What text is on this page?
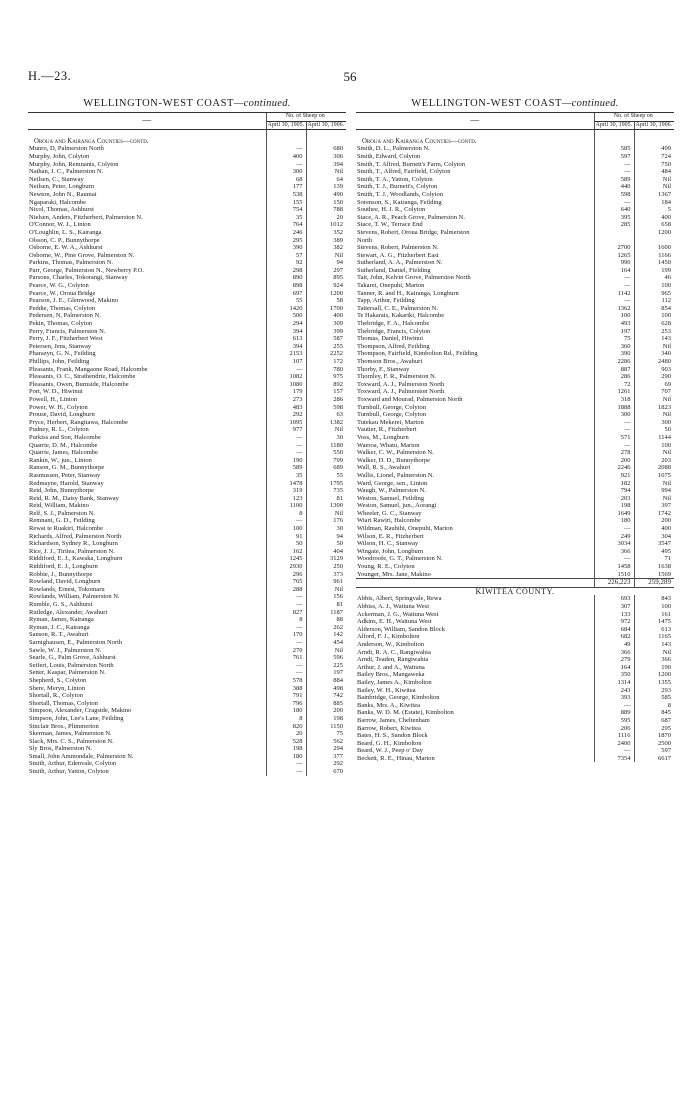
H.—23.	56
WELLINGTON-WEST COAST—continued.
—	No. of Sheep on	
	April 30, 1905.	April 30, 1906.

Oroua and Kairanga Counties—contd.		
Munro, D, Palmerston North	—	680
Murphy, John, Colyton	400	306
Murphy, John, Remnants, Colyton	—	394
Nathan, J. C., Palmerston N.	300	Nil
Neilsen, C., Stanway	68	64
Neilsen, Peter, Longburn	177	139
Newton, John N., Raumai	538	490
Ngaparaki, Halcombe	155	150
Nicol, Thomas, Ashhurst	754	788
Nielsen, Anders, Fitzherbert, Palmerston N.	35	20
O'Connor, W. J., Linton	764	1012
O'Loughlin, L. S., Kairanga	246	352
Olsson, C. P., Bunnythorpe	295	389
Osborne, E. W. A., Ashhurst	390	382
Osborne, W., Pine Grove, Palmerston N.	57	Nil
Parkins, Thomas, Palmerston N.	92	94
Parr, George, Palmerston N., Newberry P.O.	298	297
Parsons, Charles, Tokorangi, Stanway	890	895
Pearce, W. G., Colyton	898	924
Pearce, W., Oroua Bridge	697	1200
Pearson, J. E., Glenwood, Makino	55	58
Peddie, Thomas, Colyton	1420	1700
Pedersen, N, Palmerston N.	500	400
Pekin, Thomas, Colyton	294	309
Perry, Francis, Palmerston N.	394	399
Perry, J. F., Fitzherbert West	613	587
Petersen, Jens, Stanway	394	255
Pharazyn, G. N., Feilding	2153	2252
Phillips, John, Feilding	107	172
Pleasants, Frank, Mangaone Road, Halcombe	—	780
Pleasants, O. C., Strathendrie, Halcombe	1082	975
Pleasants, Owen, Burnside, Halcombe	1080	892
Port, W. D., Hiwinui	179	157
Powell, H., Linton	273	286
Power, W. H., Colyton	483	598
Prouse, David, Longburn	292	63
Pryce, Herbert, Rangitawa, Halcombe	1095	1382
Pudney, R. L., Colyton	977	Nil
Purkiss and Son, Halcombe	—	30
Quarrie, D. M., Halcombe	—	1180
Quarrie, James, Halcombe	—	550
Rankin, W., jun., Linton	190	799
Ranson, G. M., Bunnythorpe	589	689
Rasmussen, Peter, Stanway	35	55
Redmayne, Harold, Stanway	1478	1795
Reid, John, Bunnythorpe	319	735
Reid, R. M., Daisy Bank, Stanway	123	81
Reid, William, Makino	1100	1300
Relf, S. J., Palmerston N.	8	Nil
Remnant, G. D., Feilding	—	176
Rewai te Ruakiri, Halcombe	100	30
Richards, Alfred, Palmerston North	91	94
Richardson, Sydney R., Longburn	50	50
Rice, J. J., Tiritea, Palmerston N.	162	404
Riddiford, E. J., Kawaka, Longburn	1245	3129
Riddiford, E. J., Longburn	2930	250
Robbie, J., Bunnythorpe	296	373
Rowland, David, Longburn	765	961
Rowlands, Ernest, Tokomaru	288	Nil
Rowlands, William, Palmerston N.	—	156
Rumble, G. S., Ashhurst	—	81
Rutledge, Alexander, Awahuri	827	1187
Ryman, James, Kairanga	8	88
Ryman, J. C., Kairanga	—	262
Sanson, R. T., Awahuri	170	142
Sarnighausen, E., Palmerston North	—	454
Sawle, W. J., Palmerston N.	270	Nil
Searle, G., Palm Grove, Ashhurst	761	596
Seifert, Louis, Palmerston North	—	225
Setter, Kaspar, Palmerston N.	—	197
Shepherd, S., Colyton	578	884
Shere, Meryn, Linton	388	498
Shortall, R., Colyton	791	742
Shortall, Thomas, Colyton	796	885
Simpson, Alexander, Cragside, Makino	180	200
Simpson, John, Lee's Lane, Feilding	8	198
Sinclair Bros., Plimmerton	820	1150
Skerman, James, Palmerston N.	20	75
Slack, Mrs. C. S., Palmerston N.	528	562
Sly Bros, Palmerston N.	198	294
Small, John Ammondale, Palmerston N.	180	377
Smith, Arthur, Edenvale, Colyton	—	292
Smith, Arthur, Yatton, Colyton	—	670
WELLINGTON-WEST COAST—continued.
—	No. of Sheep on	
	April 30, 1905.	April 30, 1906.

Oroua and Kairanga Counties—contd.		
Smith, D. L., Palmerston N.	585	499
Smith, Edward, Colyton	597	724
Smith, T. Alfred, Burnett's Farm, Colyton	—	750
Smith, T., Alfred, Fairfield, Colyton	—	484
Smith, T. A., Yatton, Colyton	589	Nil
Smith, T. J., Burnett's, Colyton	440	Nil
Smith, T. J., Woodlands, Colyton	598	1367
Sorenson, S., Kairanga, Feilding	—	184
Southee, H. J. R., Colyton	640	5
Stace, A. R., Peach Grove, Palmerston N.	395	400
Stace, T. W., Terrace End	285	658
Stevens, Robert, Oroua Bridge, Palmerston		1200
North		
Stevens, Robert, Palmerston N.	2700	1600
Stewart, A. G., Fitzherbert East	1265	1166
Sutherland, A. A., Palmerston N.	990	1450
Sutherland, Daniel, Fielding	164	199
Tait, John, Kelvin Grove, Palmerston North	—	46
Takarei, Onepuhi, Marton	—	100
Tanner, R. and H., Kairanga, Longburn	1142	965
Tapp, Arthur, Feilding	—	112
Tattersall, C. E., Palmerston N.	1362	854
Te Hakarais, Kakariki, Halcombe	100	100
Thebridge, F. A., Halcombe	493	628
Thebridge, Francis, Colyton	197	253
Thomas, Daniel, Hiwinui	75	143
Thompson, Alfred, Feilding	360	Nil
Thompson, Fairfield, Kimbolton Rd., Feilding	390	340
Thomson Bros., Awahuri	2286	2480
Thorby, F., Stanway	887	903
Thornley, F. R., Palmerston N.	286	290
Toxward, A. J., Palmerston North	72	69
Toxward, A. J., Palmerston North	1261	707
Toxward and Mourad, Palmerston North	318	Nil
Turnbull, George, Colyton	1888	1823
Turnbull, George, Colyton	300	Nil
Tutekau Mekerei, Marton	—	300
Vautier, R., Fitzherbert	—	50
Voss, M., Longburn	571	1144
Waeroa, Whatu, Marton	—	100
Walker, C. W., Palmerston N.	278	Nil
Walker, D. D., Bunnythorpe	200	203
Wall, R. S., Awahuri	2246	2088
Wallis, Lionel, Palmerston N.	921	1075
Ward, George, sen., Linton	182	Nil
Waugh, W., Palmerston N.	794	994
Weston, Samuel, Feilding	203	Nil
Weston, Samuel, jun., Aorangi	198	397
Wheeler, G. C., Stanway	1649	1742
Wiari Rawiri, Halcombe	180	200
Wildman, Rauhihi, Onepuhi, Marton	—	400
Wilson, E. R., Fitzherbert	249	304
Wilson, H. C., Stanway	3034	3547
Wingate, John, Longburn	366	495
Woodroofe, G. T., Palmerston N.	—	71
Young, R. E., Colyton	1458	1638
Younger, Mrs. Jane, Makino	1510	1569
	226,223	259,289
KIWITEA COUNTY.		
Abbis, Albert, Springvale, Rewa	693	843
Abbiss, A. J., Waituna West	307	100
Ackerman, J. G., Waituna West	133	161
Adkins, E. H., Waituna West	972	1475
Alderson, William, Sandon Block	684	613
Alford, F. J., Kimbolton	682	1165
Anderson, W., Kimbolton	49	143
Arndt, R. A. C., Rangiwahia	366	Nil
Arndt, Teaden, Rangiwahia	279	366
Arthur, J. and A., Waituna	164	190
Bailey Bros., Mangaweka	350	1200
Bailey, James A., Kimbolton	1314	1355
Bailey, W. H., Kiwitea	243	293
Bainbridge, George, Kimbolton	393	585
Banks, Mrs. A., Kiwitea	—	8
Banks, W. D. M. (Estate), Kimbolton	889	845
Barrow, James, Cheltenham	595	687
Barrow, Robert, Kiwitea	206	295
Bates, H. S., Sandon Block	1116	1870
Beard, G. H., Kimbolton	2400	2500
Beard, W. J., Peep o' Day	—	597
Beckett, R. E., Hinau, Marton	7354	6617
